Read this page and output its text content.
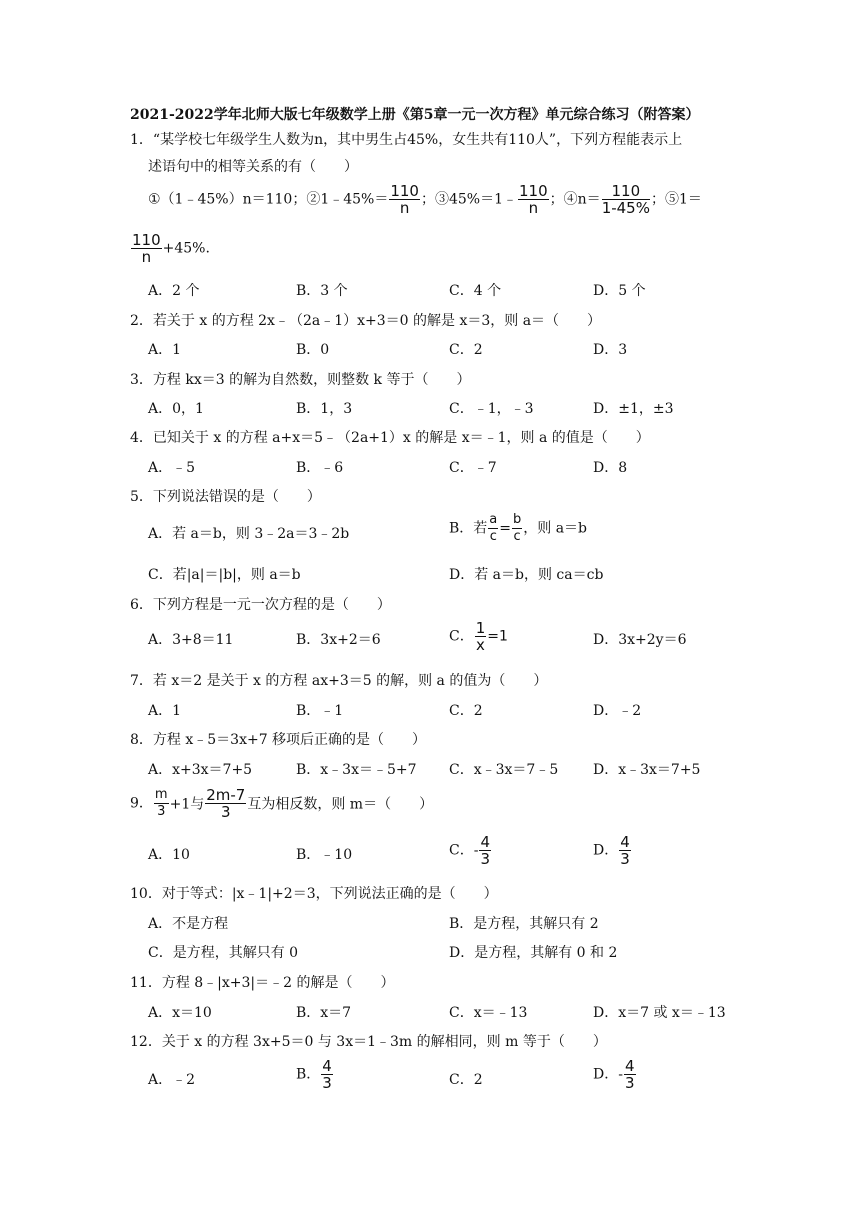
2021-2022学年北师大版七年级数学上册《第5章一元一次方程》单元综合练习（附答案）
1．“某学校七年级学生人数为n，其中男生占45%，女生共有110人”，下列方程能表示上
述语句中的相等关系的有（　　）
①（1﹣45%）n＝110；②1﹣45%＝ $\frac{110}{n}$ ；③45%＝1﹣ $\frac{110}{n}$ ；④n＝ $\frac{110}{1-45\%}$ ；⑤1＝
$\frac{110}{n} +45\%$.
A．2 个	B．3 个	C．4 个	D．5 个
2．若关于 x 的方程 2x﹣（2a﹣1）x+3＝0 的解是 x＝3，则 a＝（　　）
A．1	B．0	C．2	D．3
3．方程 kx＝3 的解为自然数，则整数 k 等于（　　）
A．0，1	B．1，3	C．﹣1，﹣3	D．±1，±3
4．已知关于 x 的方程 a+x＝5﹣（2a+1）x 的解是 x＝﹣1，则 a 的值是（　　）
A．﹣5	B．﹣6	C．﹣7	D．8
5．下列说法错误的是（　　）
A．若 a＝b，则 3﹣2a＝3﹣2b	B．若 $\frac{a}{c} = \frac{b}{c}$ ，则 a＝b
C．若|a|＝|b|，则 a＝b	D．若 a＝b，则 ca＝cb
6．下列方程是一元一次方程的是（　　）
A．3+8＝11	B．3x+2＝6	C． $\frac{1}{x} =1$	D．3x+2y＝6
7．若 x＝2 是关于 x 的方程 ax+3＝5 的解，则 a 的值为（　　）
A．1	B．﹣1	C．2	D．﹣2
8．方程 x﹣5＝3x+7 移项后正确的是（　　）
A．x+3x＝7+5	B．x﹣3x＝﹣5+7 C．x﹣3x＝7﹣5 D．x﹣3x＝7+5
9． $\frac{m}{3} +1$与 $\frac{2m-7}{3}$ 互为相反数，则 m＝（　　）
A．10	B．﹣10	C．- $\frac{4}{3}$	D． $\frac{4}{3}$
10．对于等式：|x﹣1|+2＝3，下列说法正确的是（　　）
A．不是方程	B．是方程，其解只有 2
C．是方程，其解只有 0	D．是方程，其解有 0 和 2
11．方程 8﹣|x+3|＝﹣2 的解是（　　）
A．x＝10	B．x＝7	C．x＝﹣13	D．x＝7 或 x＝﹣13
12．关于 x 的方程 3x+5＝0 与 3x＝1﹣3m 的解相同，则 m 等于（　　）
A．﹣2	B． $\frac{4}{3}$	C．2	D．- $\frac{4}{3}$
